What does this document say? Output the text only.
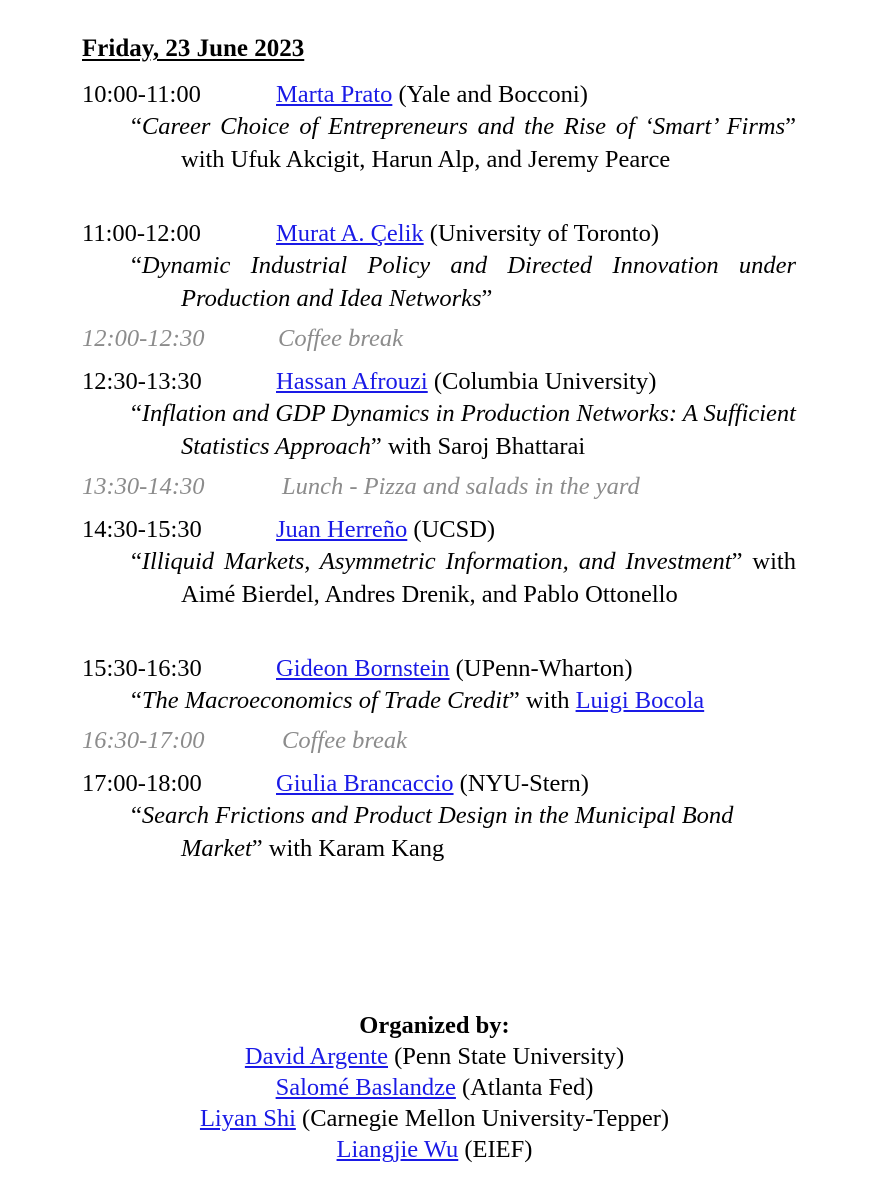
Friday, 23 June 2023
10:00-11:00	Marta Prato (Yale and Bocconi)
“Career Choice of Entrepreneurs and the Rise of ‘Smart’ Firms” with Ufuk Akcigit, Harun Alp, and Jeremy Pearce
11:00-12:00	Murat A. Çelik (University of Toronto)
“Dynamic Industrial Policy and Directed Innovation under Production and Idea Networks”
12:00-12:30	Coffee break
12:30-13:30	Hassan Afrouzi (Columbia University)
“Inflation and GDP Dynamics in Production Networks: A Sufficient Statistics Approach” with Saroj Bhattarai
13:30-14:30	Lunch - Pizza and salads in the yard
14:30-15:30	Juan Herreño (UCSD)
“Illiquid Markets, Asymmetric Information, and Investment” with Aimé Bierdel, Andres Drenik, and Pablo Ottonello
15:30-16:30	Gideon Bornstein (UPenn-Wharton)
“The Macroeconomics of Trade Credit” with Luigi Bocola
16:30-17:00	Coffee break
17:00-18:00	Giulia Brancaccio (NYU-Stern)
“Search Frictions and Product Design in the Municipal Bond Market” with Karam Kang
Organized by:
David Argente (Penn State University)
Salomé Baslandze (Atlanta Fed)
Liyan Shi (Carnegie Mellon University-Tepper)
Liangjie Wu (EIEF)
